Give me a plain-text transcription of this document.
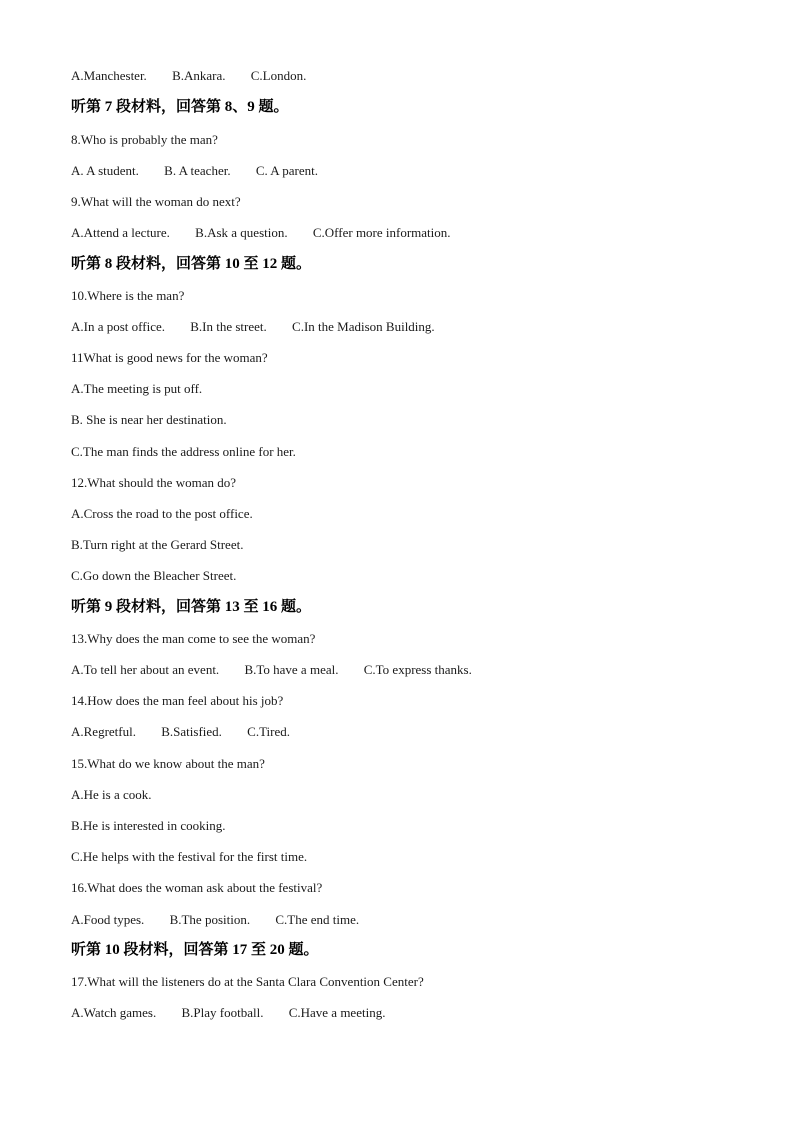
A.Manchester. B.Ankara. C.London.
听第 7 段材料，回答第 8、9 题。
8.Who is probably the man?
A. A student. B. A teacher. C. A parent.
9.What will the woman do next?
A.Attend a lecture. B.Ask a question. C.Offer more information.
听第 8 段材料，回答第 10 至 12 题。
10.Where is the man?
A.In a post office. B.In the street. C.In the Madison Building.
11What is good news for the woman?
A.The meeting is put off.
B. She is near her destination.
C.The man finds the address online for her.
12.What should the woman do?
A.Cross the road to the post office.
B.Turn right at the Gerard Street.
C.Go down the Bleacher Street.
听第 9 段材料，回答第 13 至 16 题。
13.Why does the man come to see the woman?
A.To tell her about an event. B.To have a meal. C.To express thanks.
14.How does the man feel about his job?
A.Regretful. B.Satisfied. C.Tired.
15.What do we know about the man?
A.He is a cook.
B.He is interested in cooking.
C.He helps with the festival for the first time.
16.What does the woman ask about the festival?
A.Food types. B.The position. C.The end time.
听第 10 段材料，回答第 17 至 20 题。
17.What will the listeners do at the Santa Clara Convention Center?
A.Watch games. B.Play football. C.Have a meeting.
